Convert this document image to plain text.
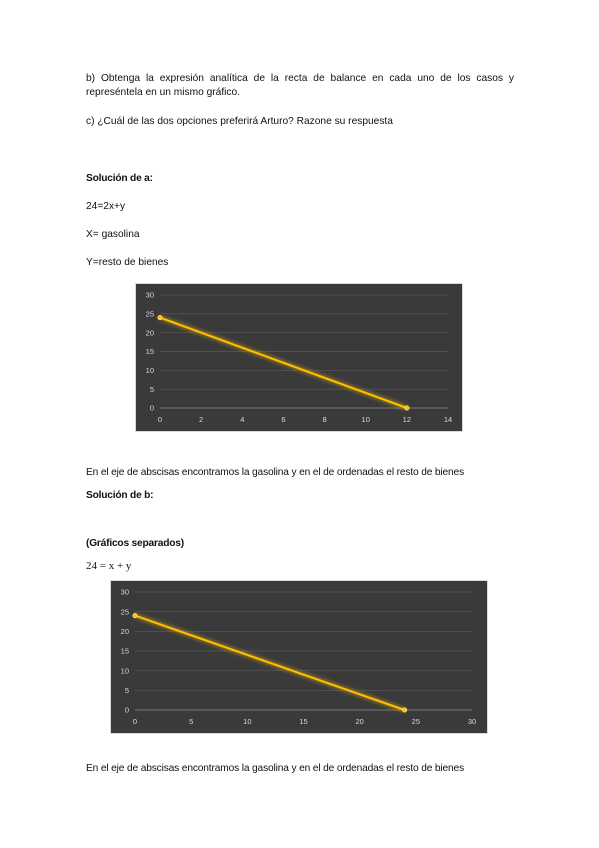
b) Obtenga la expresión analítica de la recta de balance en cada uno de los casos y represéntela en un mismo gráfico.
c) ¿Cuál de las dos opciones preferirá Arturo? Razone su respuesta
Solución de a:
24=2x+y
X= gasolina
Y=resto de bienes
0
5
10
15
20
25
30
0	2	4	6	8	10	12	14
En el eje de abscisas encontramos la gasolina y en el de ordenadas el resto de bienes
Solución de b:
(Gráficos separados)
24 = x + y
0
5
10
15
20
25
30
0	5	10	15	20	25	30
En el eje de abscisas encontramos la gasolina y en el de ordenadas el resto de bienes
